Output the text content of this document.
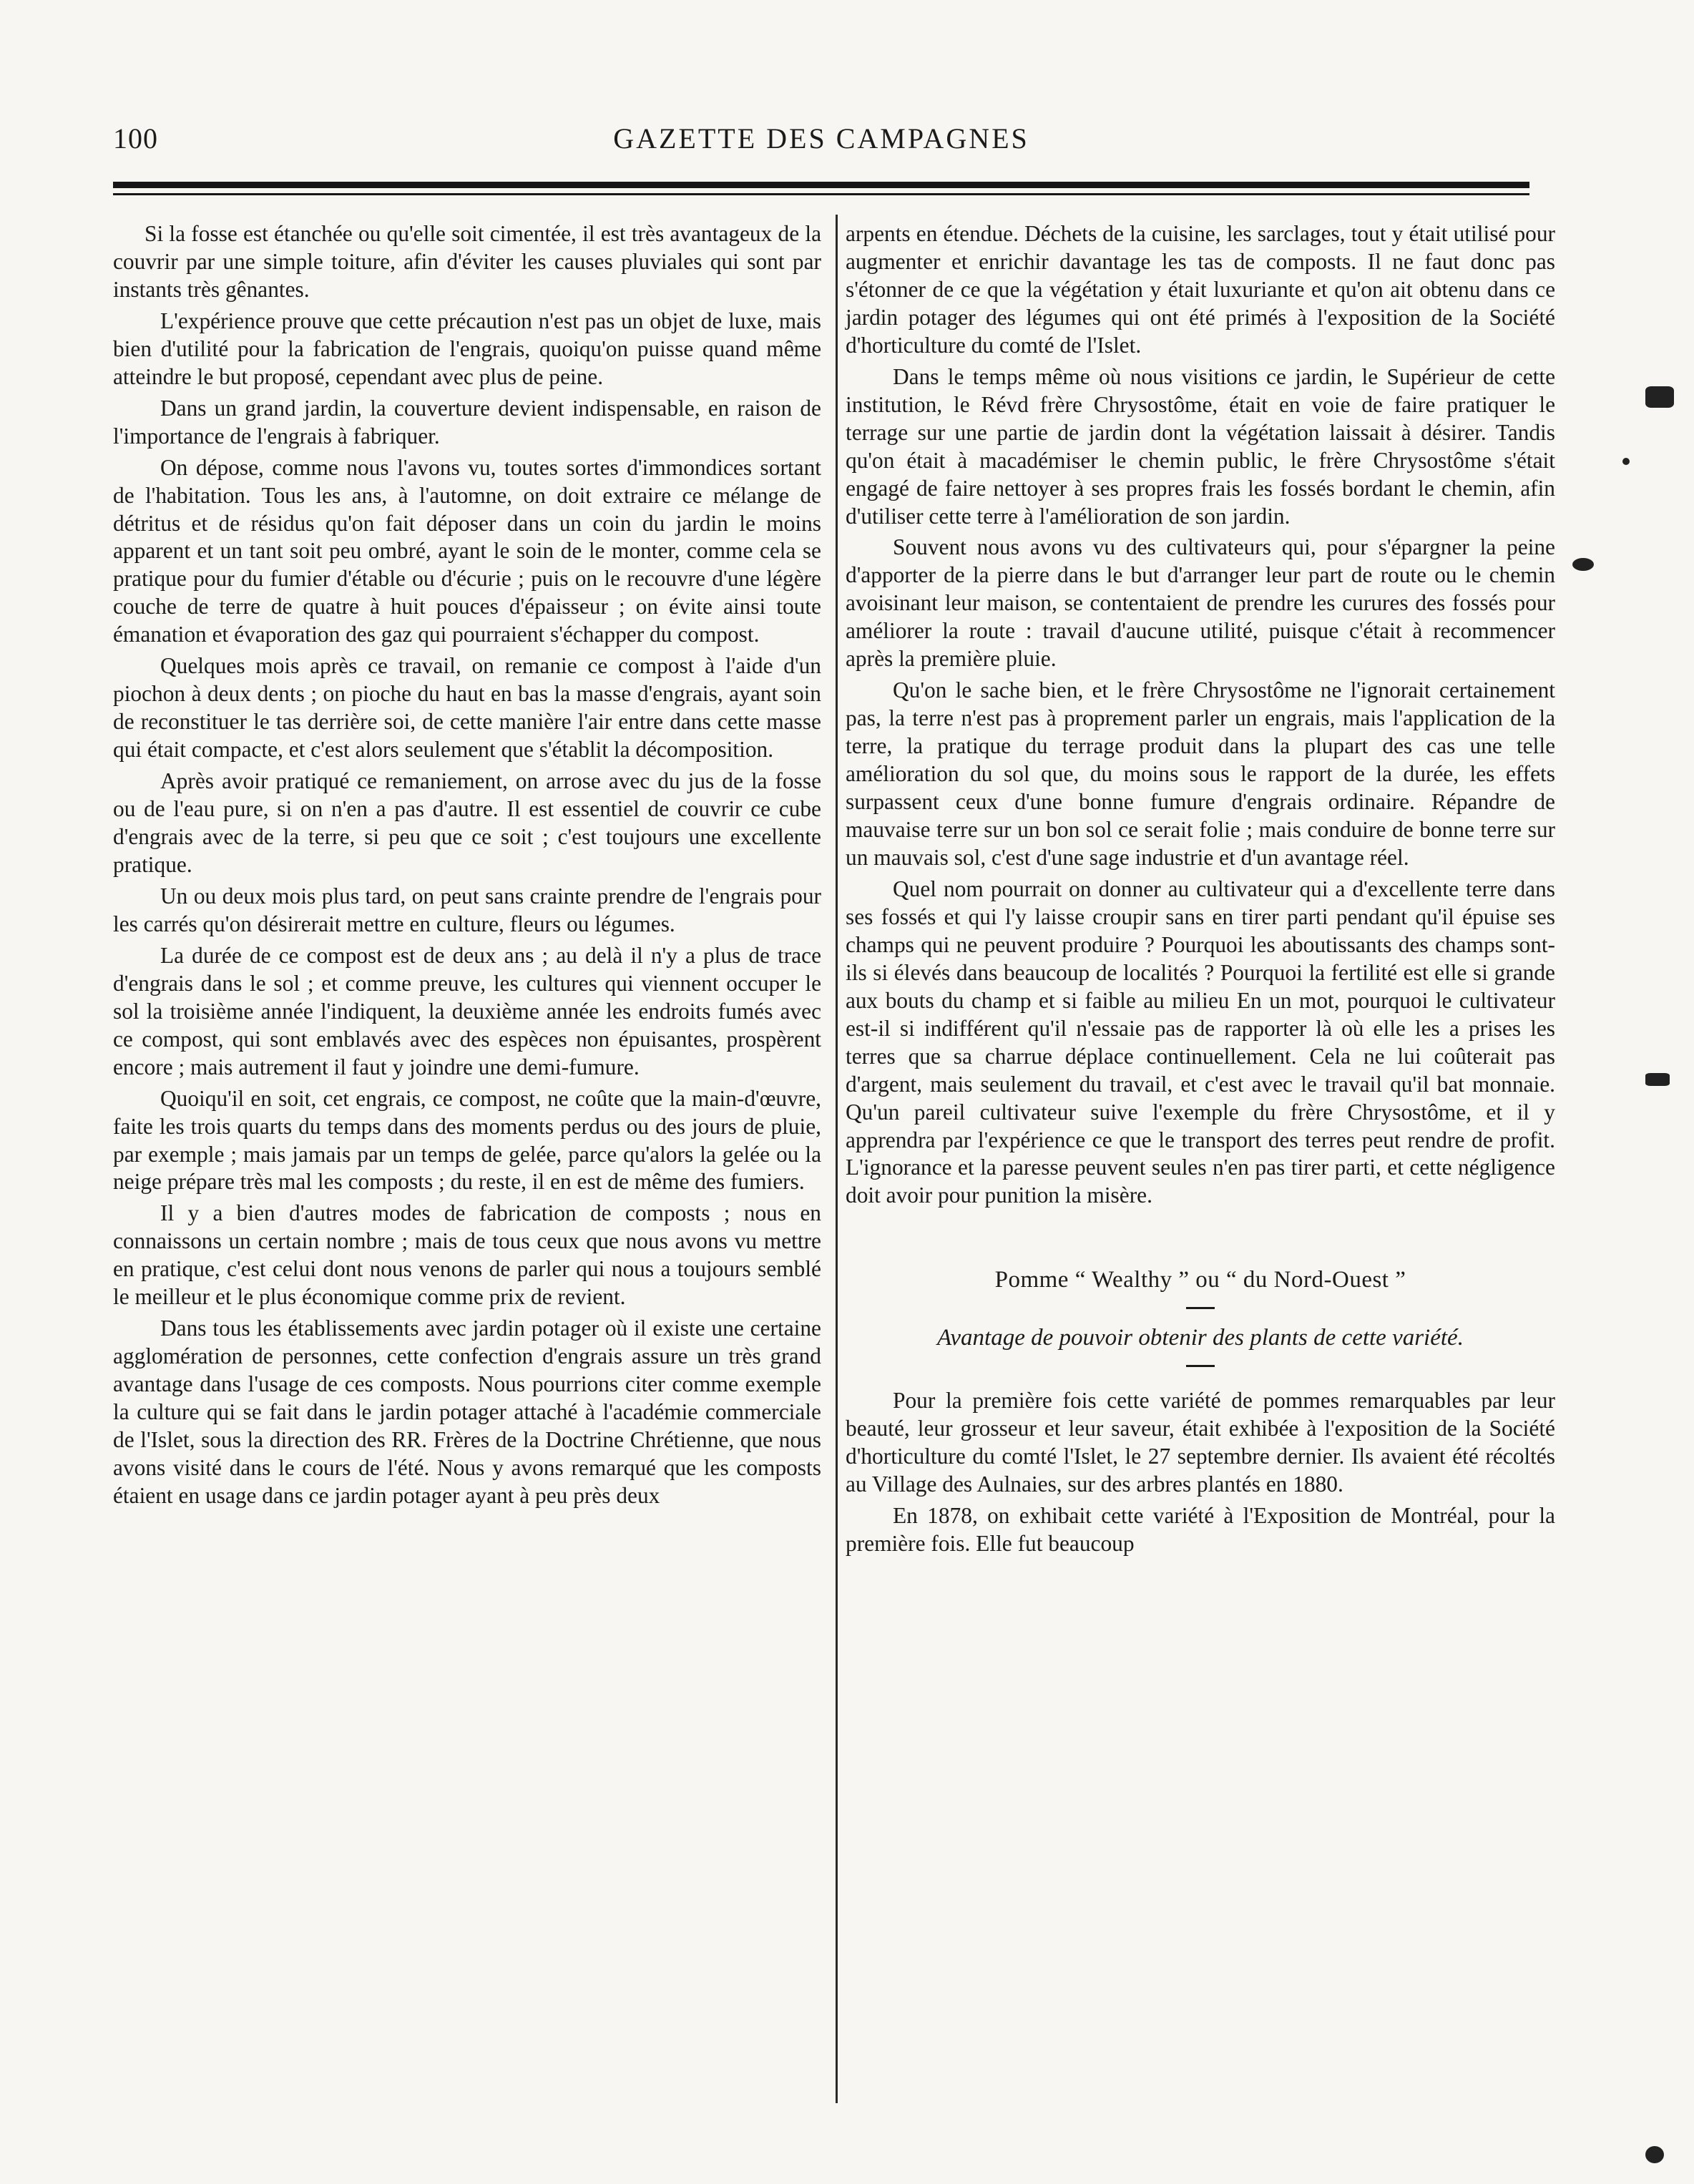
100	GAZETTE DES CAMPAGNES

Si la fosse est étanchée ou qu'elle soit cimentée, il est très avantageux de la couvrir par une simple toiture, afin d'éviter les causes pluviales qui sont par instants très gênantes.

L'expérience prouve que cette précaution n'est pas un objet de luxe, mais bien d'utilité pour la fabrication de l'engrais, quoiqu'on puisse quand même atteindre le but proposé, cependant avec plus de peine.

Dans un grand jardin, la couverture devient indispensable, en raison de l'importance de l'engrais à fabriquer.

On dépose, comme nous l'avons vu, toutes sortes d'immondices sortant de l'habitation. Tous les ans, à l'automne, on doit extraire ce mélange de détritus et de résidus qu'on fait déposer dans un coin du jardin le moins apparent et un tant soit peu ombré, ayant le soin de le monter, comme cela se pratique pour du fumier d'étable ou d'écurie ; puis on le recouvre d'une légère couche de terre de quatre à huit pouces d'épaisseur ; on évite ainsi toute émanation et évaporation des gaz qui pourraient s'échapper du compost.

Quelques mois après ce travail, on remanie ce compost à l'aide d'un piochon à deux dents ; on pioche du haut en bas la masse d'engrais, ayant soin de reconstituer le tas derrière soi, de cette manière l'air entre dans cette masse qui était compacte, et c'est alors seulement que s'établit la décomposition.

Après avoir pratiqué ce remaniement, on arrose avec du jus de la fosse ou de l'eau pure, si on n'en a pas d'autre. Il est essentiel de couvrir ce cube d'engrais avec de la terre, si peu que ce soit ; c'est toujours une excellente pratique.

Un ou deux mois plus tard, on peut sans crainte prendre de l'engrais pour les carrés qu'on désirerait mettre en culture, fleurs ou légumes.

La durée de ce compost est de deux ans ; au delà il n'y a plus de trace d'engrais dans le sol ; et comme preuve, les cultures qui viennent occuper le sol la troisième année l'indiquent, la deuxième année les endroits fumés avec ce compost, qui sont emblavés avec des espèces non épuisantes, prospèrent encore ; mais autrement il faut y joindre une demi-fumure.

Quoiqu'il en soit, cet engrais, ce compost, ne coûte que la main-d'œuvre, faite les trois quarts du temps dans des moments perdus ou des jours de pluie, par exemple ; mais jamais par un temps de gelée, parce qu'alors la gelée ou la neige prépare très mal les composts ; du reste, il en est de même des fumiers.

Il y a bien d'autres modes de fabrication de composts ; nous en connaissons un certain nombre ; mais de tous ceux que nous avons vu mettre en pratique, c'est celui dont nous venons de parler qui nous a toujours semblé le meilleur et le plus économique comme prix de revient.

Dans tous les établissements avec jardin potager où il existe une certaine agglomération de personnes, cette confection d'engrais assure un très grand avantage dans l'usage de ces composts. Nous pourrions citer comme exemple la culture qui se fait dans le jardin potager attaché à l'académie commerciale de l'Islet, sous la direction des RR. Frères de la Doctrine Chrétienne, que nous avons visité dans le cours de l'été. Nous y avons remarqué que les composts étaient en usage dans ce jardin potager ayant à peu près deux

arpents en étendue. Déchets de la cuisine, les sarclages, tout y était utilisé pour augmenter et enrichir davantage les tas de composts. Il ne faut donc pas s'étonner de ce que la végétation y était luxuriante et qu'on ait obtenu dans ce jardin potager des légumes qui ont été primés à l'exposition de la Société d'horticulture du comté de l'Islet.

Dans le temps même où nous visitions ce jardin, le Supérieur de cette institution, le Révd frère Chrysostôme, était en voie de faire pratiquer le terrage sur une partie de jardin dont la végétation laissait à désirer. Tandis qu'on était à macadémiser le chemin public, le frère Chrysostôme s'était engagé de faire nettoyer à ses propres frais les fossés bordant le chemin, afin d'utiliser cette terre à l'amélioration de son jardin.

Souvent nous avons vu des cultivateurs qui, pour s'épargner la peine d'apporter de la pierre dans le but d'arranger leur part de route ou le chemin avoisinant leur maison, se contentaient de prendre les curures des fossés pour améliorer la route : travail d'aucune utilité, puisque c'était à recommencer après la première pluie.

Qu'on le sache bien, et le frère Chrysostôme ne l'ignorait certainement pas, la terre n'est pas à proprement parler un engrais, mais l'application de la terre, la pratique du terrage produit dans la plupart des cas une telle amélioration du sol que, du moins sous le rapport de la durée, les effets surpassent ceux d'une bonne fumure d'engrais ordinaire. Répandre de mauvaise terre sur un bon sol ce serait folie ; mais conduire de bonne terre sur un mauvais sol, c'est d'une sage industrie et d'un avantage réel.

Quel nom pourrait on donner au cultivateur qui a d'excellente terre dans ses fossés et qui l'y laisse croupir sans en tirer parti pendant qu'il épuise ses champs qui ne peuvent produire ? Pourquoi les aboutissants des champs sont-ils si élevés dans beaucoup de localités ? Pourquoi la fertilité est elle si grande aux bouts du champ et si faible au milieu En un mot, pourquoi le cultivateur est-il si indifférent qu'il n'essaie pas de rapporter là où elle les a prises les terres que sa charrue déplace continuellement. Cela ne lui coûterait pas d'argent, mais seulement du travail, et c'est avec le travail qu'il bat monnaie. Qu'un pareil cultivateur suive l'exemple du frère Chrysostôme, et il y apprendra par l'expérience ce que le transport des terres peut rendre de profit. L'ignorance et la paresse peuvent seules n'en pas tirer parti, et cette négligence doit avoir pour punition la misère.

Pomme “ Wealthy ” ou “ du Nord-Ouest ”
Avantage de pouvoir obtenir des plants de cette variété.

Pour la première fois cette variété de pommes remarquables par leur beauté, leur grosseur et leur saveur, était exhibée à l'exposition de la Société d'horticulture du comté l'Islet, le 27 septembre dernier. Ils avaient été récoltés au Village des Aulnaies, sur des arbres plantés en 1880.

En 1878, on exhibait cette variété à l'Exposition de Montréal, pour la première fois. Elle fut beaucoup
